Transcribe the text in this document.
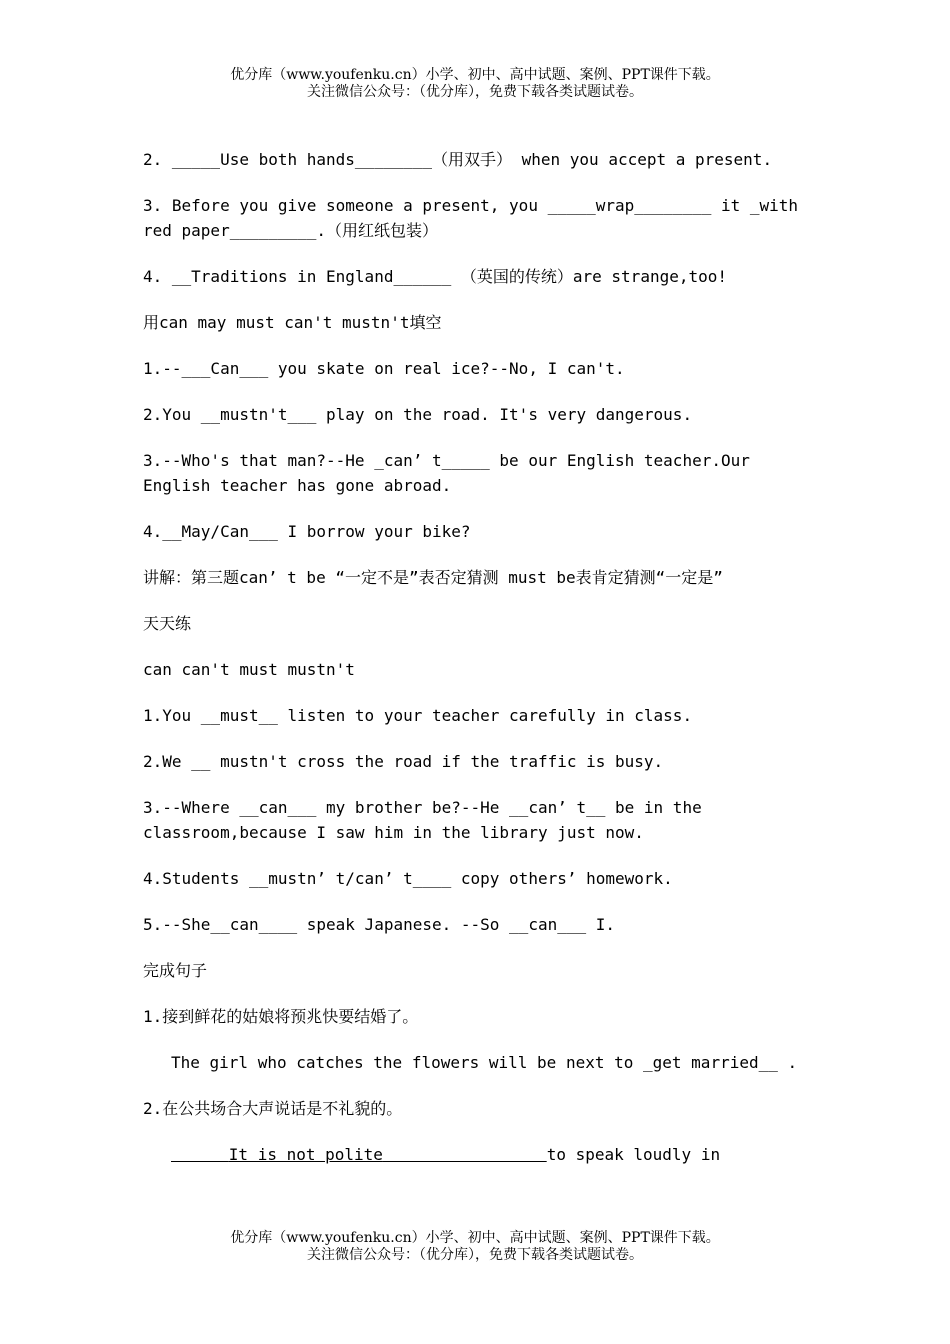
优分库（www.youfenku.cn）小学、初中、高中试题、案例、PPT课件下载。
关注微信公众号：（优分库），免费下载各类试题试卷。

2. _____Use both hands________（用双手） when you accept a present.

3. Before you give someone a present, you _____wrap________ it _with red paper_________.（用红纸包装）

4. __Traditions in England______ （英国的传统）are strange,too!

用can may must can't mustn't填空

1.--___Can___ you skate on real ice?--No, I can't.

2.You __mustn't___ play on the road. It's very dangerous.

3.--Who's that man?--He _can’ t_____ be our English teacher.Our English teacher has gone abroad.

4.__May/Can___ I borrow your bike?

讲解：第三题can’ t be “一定不是”表否定猜测 must be表肯定猜测“一定是”

天天练

can can't must mustn't

1.You __must__ listen to your teacher carefully in class.

2.We __ mustn't cross the road if the traffic is busy.

3.--Where __can___ my brother be?--He __can’ t__ be in the classroom,because I saw him in the library just now.

4.Students __mustn’ t/can’ t____ copy others’ homework.

5.--She__can____ speak Japanese. --So __can___ I.

完成句子

1.接到鲜花的姑娘将预兆快要结婚了。

The girl who catches the flowers will be next to _get married__ .

2.在公共场合大声说话是不礼貌的。

It is not polite	to speak loudly in

优分库（www.youfenku.cn）小学、初中、高中试题、案例、PPT课件下载。
关注微信公众号：（优分库），免费下载各类试题试卷。
